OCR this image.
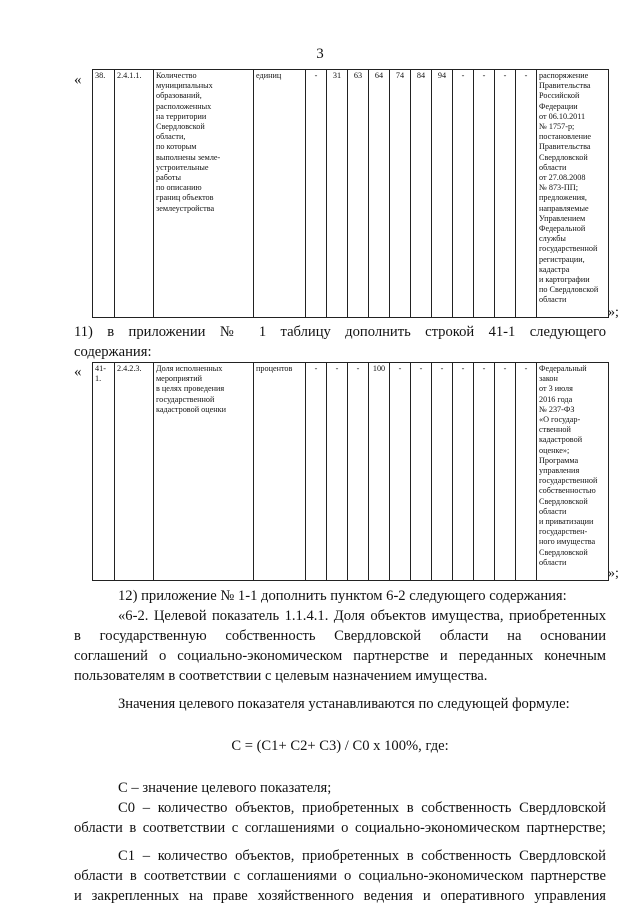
3
« 38.	2.4.1.1.	Количество
муниципальных
образований,
расположенных
на территории
Свердловской
области,
по которым
выполнены земле-
устроительные
работы
по описанию
границ объектов
землеустройства	единиц	-	31	63	64	74	84	94	-	-	-	-	распоряжение
Правительства
Российской
Федерации
от 06.10.2011
№ 1757-р;
постановление
Правительства
Свердловской
области
от 27.08.2008
№ 873-ПП;
предложения,
направляемые
Управлением
Федеральной
службы
государственной
регистрации,
кадастра
и картографии
по Свердловской
области
»;
11) в приложении № 1 таблицу дополнить строкой 41-1 следующего
содержания:
« 41-1.	2.4.2.3.	Доля исполненных
мероприятий
в целях проведения
государственной
кадастровой оценки	процентов	-	-	-	100	-	-	-	-	-	-	-	Федеральный
закон
от 3 июля
2016 года
№ 237-ФЗ
«О государ-
ственной
кадастровой
оценке»;
Программа
управления
государственной
собственностью
Свердловской
области
и приватизации
государствен-
ного имущества
Свердловской
области
»;
12) приложение № 1-1 дополнить пунктом 6-2 следующего содержания:
«6-2. Целевой показатель 1.1.4.1. Доля объектов имущества, приобретенных
в государственную собственность Свердловской области на основании
соглашений о социально-экономическом партнерстве и переданных конечным
пользователям в соответствии с целевым назначением имущества.
Значения целевого показателя устанавливаются по следующей формуле:
С = (С1+ С2+ С3) / С0 х 100%, где:
С – значение целевого показателя;
С0 – количество объектов, приобретенных в собственность Свердловской
области в соответствии с соглашениями о социально-экономическом партнерстве;
С1 – количество объектов, приобретенных в собственность Свердловской
области в соответствии с соглашениями о социально-экономическом партнерстве
и закрепленных на праве хозяйственного ведения и оперативного управления
